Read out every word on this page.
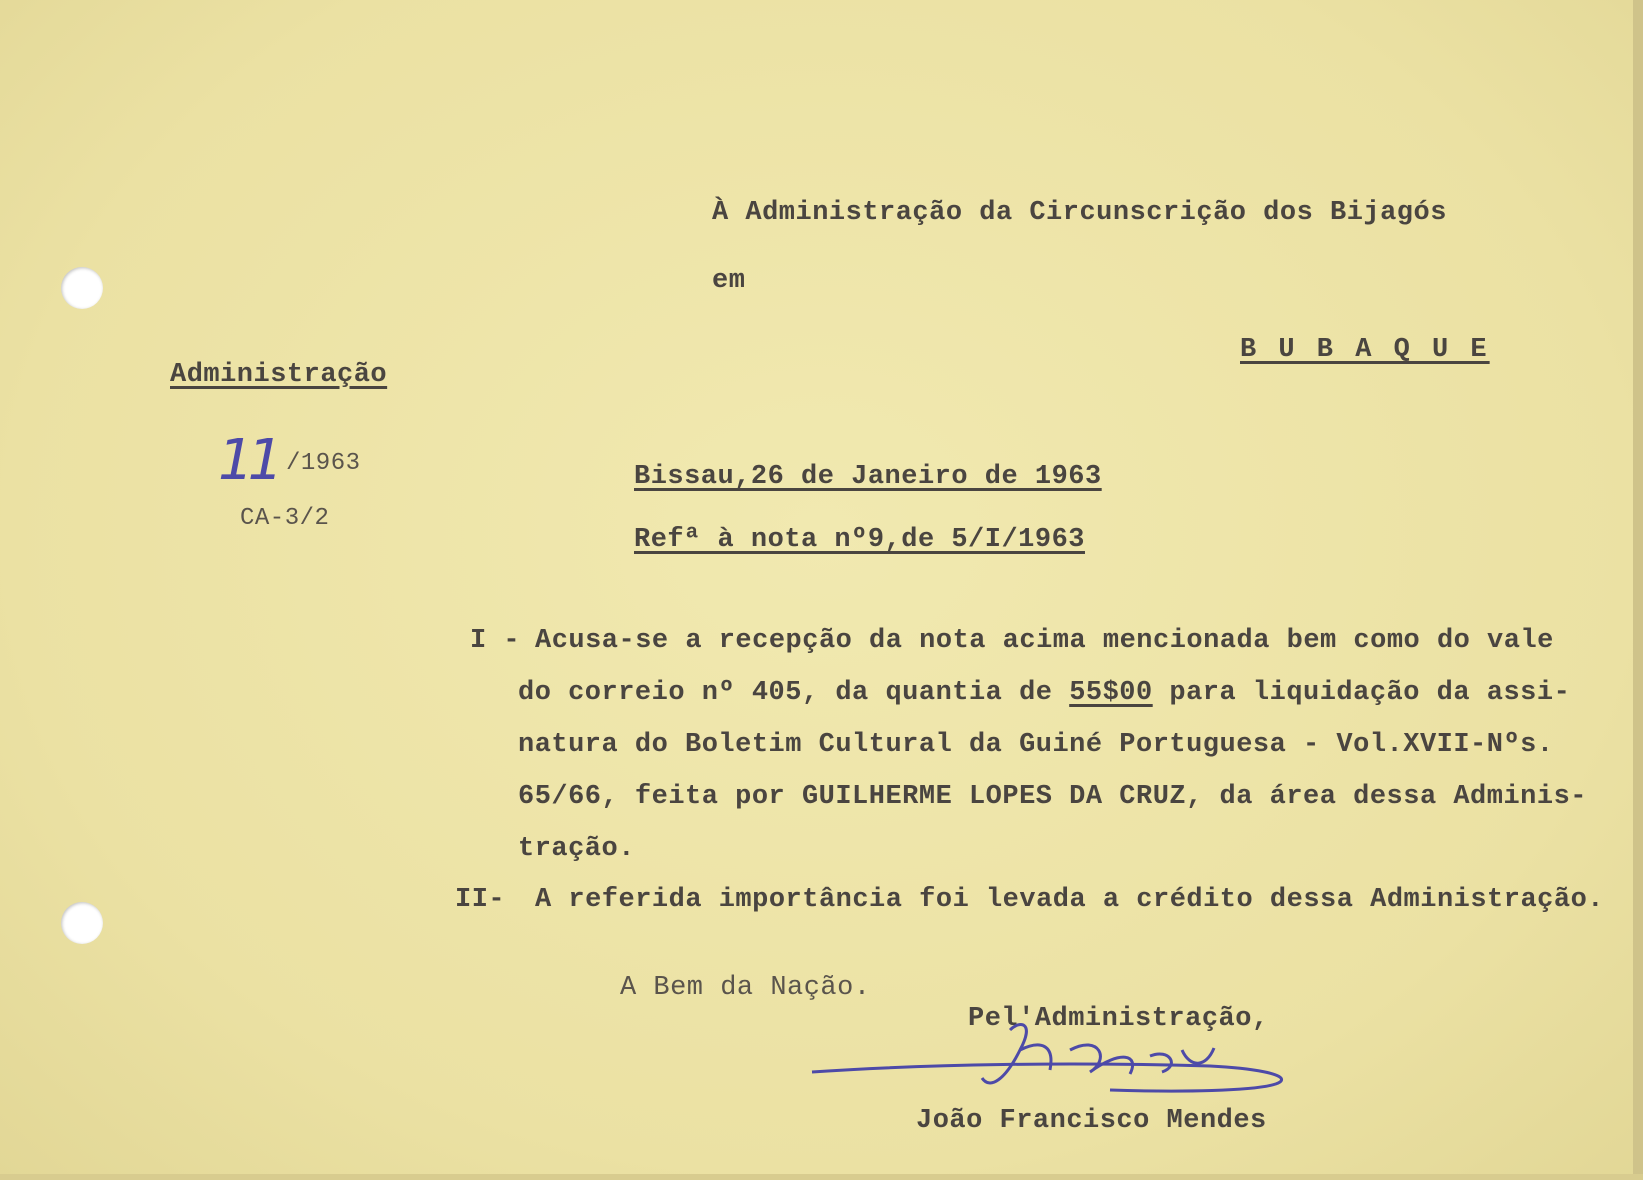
À Administração da Circunscrição dos Bijagós
em
B U B A Q U E
Administração
11 /1963
CA-3/2
Bissau,26 de Janeiro de 1963
Refª à nota nº9,de 5/I/1963
I - Acusa-se a recepção da nota acima mencionada bem como do vale
do correio nº 405, da quantia de 55$00 para liquidação da assi-
natura do Boletim Cultural da Guiné Portuguesa - Vol.XVII-Nºs.
65/66, feita por GUILHERME LOPES DA CRUZ, da área dessa Adminis-
tração.
II- A referida importância foi levada a crédito dessa Administração.
A Bem da Nação.
Pel'Administração,
João Francisco Mendes
